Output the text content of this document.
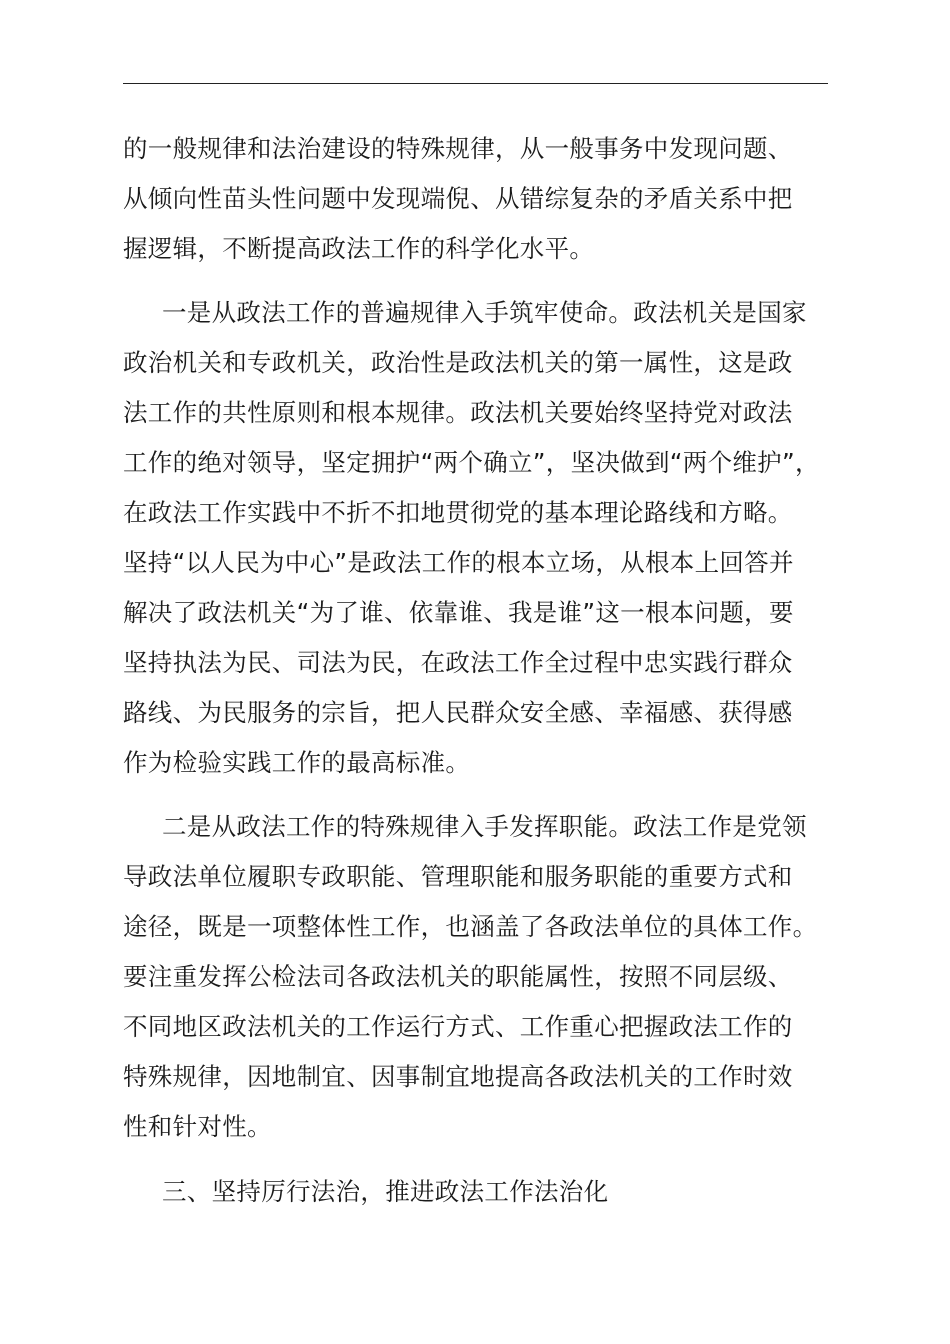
的一般规律和法治建设的特殊规律，从一般事务中发现问题、
从倾向性苗头性问题中发现端倪、从错综复杂的矛盾关系中把
握逻辑，不断提高政法工作的科学化水平。
一是从政法工作的普遍规律入手筑牢使命。政法机关是国家
政治机关和专政机关，政治性是政法机关的第一属性，这是政
法工作的共性原则和根本规律。政法机关要始终坚持党对政法
工作的绝对领导，坚定拥护“两个确立”，坚决做到“两个维护”，
在政法工作实践中不折不扣地贯彻党的基本理论路线和方略。
坚持“以人民为中心”是政法工作的根本立场，从根本上回答并
解决了政法机关“为了谁、依靠谁、我是谁”这一根本问题，要
坚持执法为民、司法为民，在政法工作全过程中忠实践行群众
路线、为民服务的宗旨，把人民群众安全感、幸福感、获得感
作为检验实践工作的最高标准。
二是从政法工作的特殊规律入手发挥职能。政法工作是党领
导政法单位履职专政职能、管理职能和服务职能的重要方式和
途径，既是一项整体性工作，也涵盖了各政法单位的具体工作。
要注重发挥公检法司各政法机关的职能属性，按照不同层级、
不同地区政法机关的工作运行方式、工作重心把握政法工作的
特殊规律，因地制宜、因事制宜地提高各政法机关的工作时效
性和针对性。
三、坚持厉行法治，推进政法工作法治化
